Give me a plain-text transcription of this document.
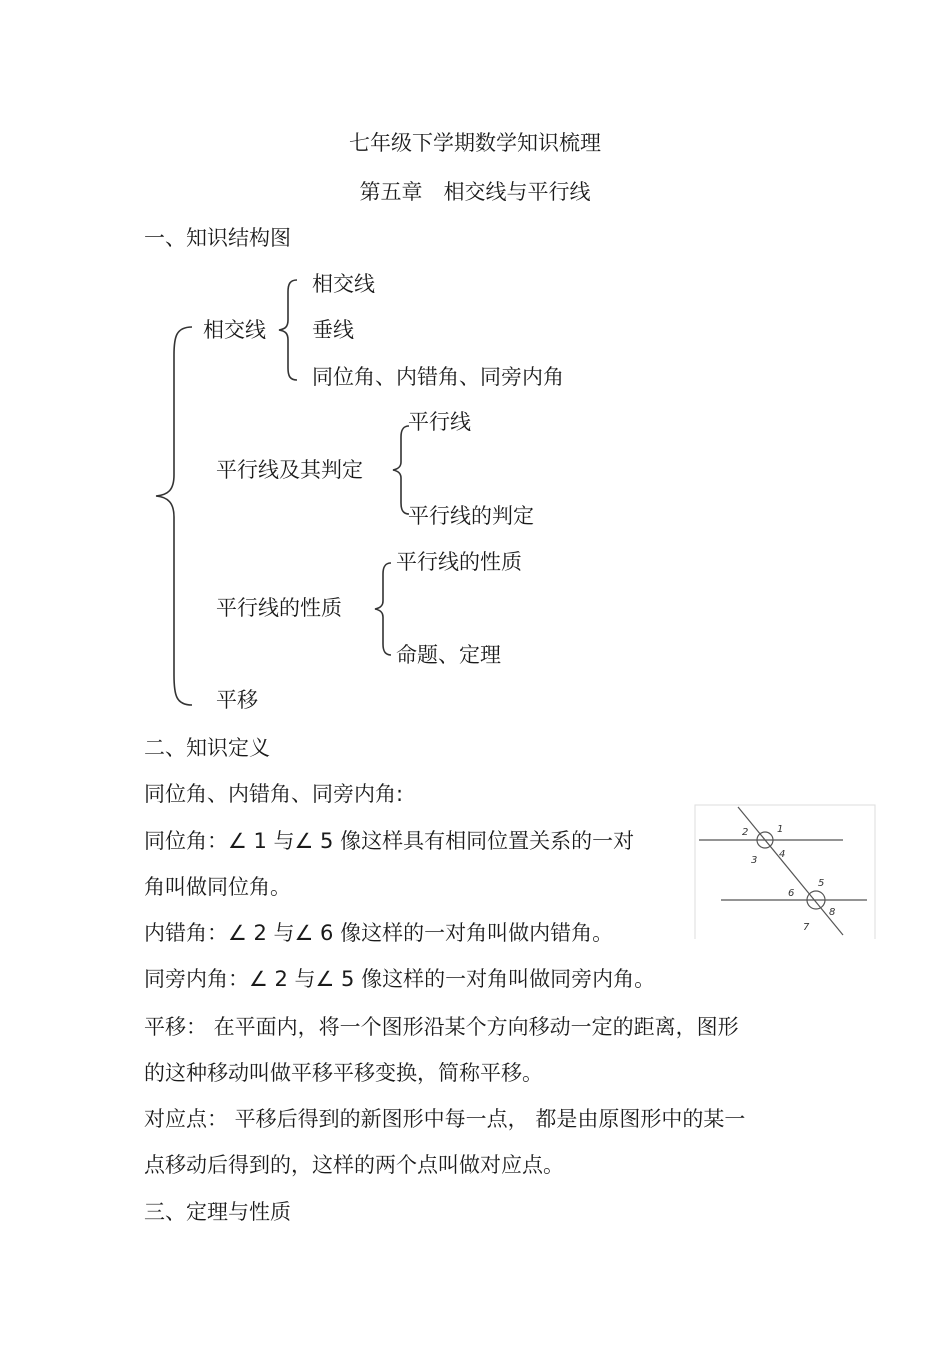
七年级下学期数学知识梳理
第五章　相交线与平行线
一、知识结构图
相交线
相交线
垂线
同位角、内错角、同旁内角
平行线及其判定
平行线
平行线的判定
平行线的性质
平行线的性质
命题、定理
平移
二、知识定义
同位角、内错角、同旁内角:
同位角：∠ 1 与∠ 5 像这样具有相同位置关系的一对
角叫做同位角。
内错角：∠ 2 与∠ 6 像这样的一对角叫做内错角。
同旁内角：∠ 2 与∠ 5 像这样的一对角叫做同旁内角。
平移： 在平面内，将一个图形沿某个方向移动一定的距离，图形
的这种移动叫做平移平移变换，简称平移。
对应点： 平移后得到的新图形中每一点， 都是由原图形中的某一
点移动后得到的，这样的两个点叫做对应点。
1
2
3
4
5
6
7
8
三、定理与性质
